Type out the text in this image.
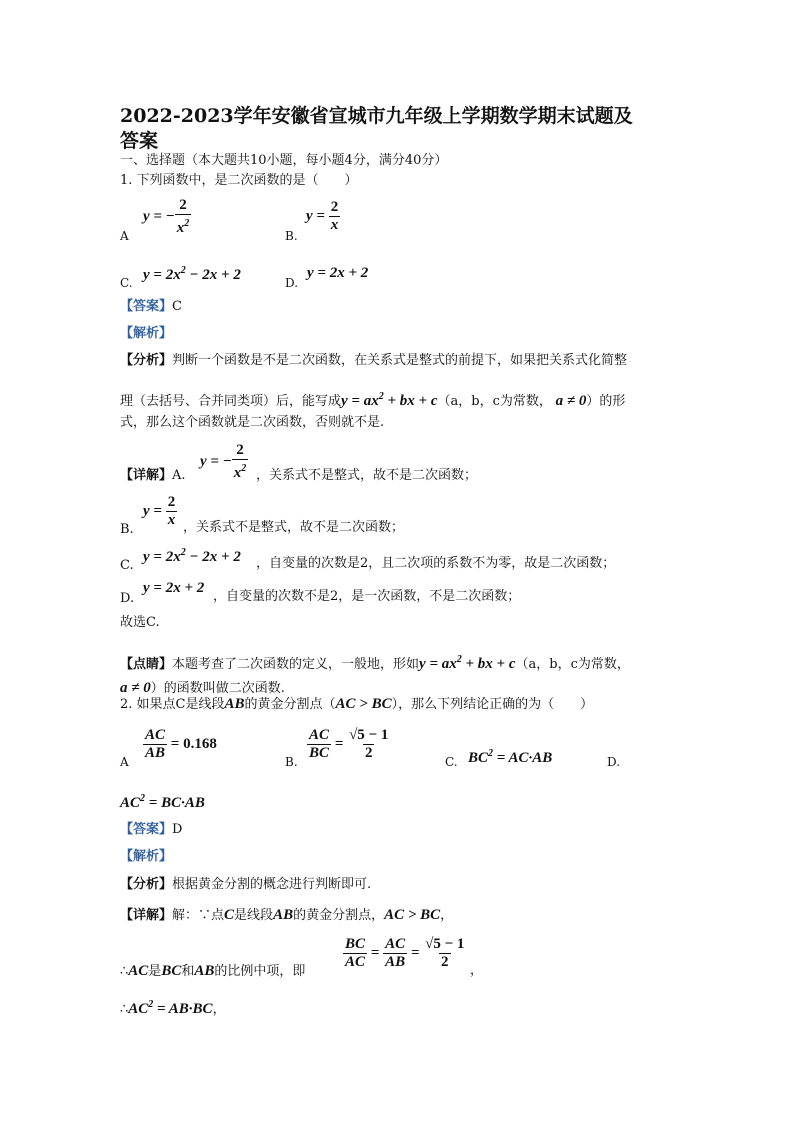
2022-2023学年安徽省宣城市九年级上学期数学期末试题及
答案
一、选择题（本大题共10小题，每小题4分，满分40分）
1. 下列函数中，是二次函数的是（　　）
A
y = − $\frac{2}{x^2}$	B.
$y = \frac{2}{x}$
C. $y = 2x^2 - 2x + 2$	D.
y = 2x + 2
【答案】C
【解析】
【分析】判断一个函数是不是二次函数，在关系式是整式的前提下，如果把关系式化简整
理（去括号、合并同类项）后，能写成$y = ax^2$ + bx + c（a，b，c为常数， a ≠ 0）的形
式，那么这个函数就是二次函数，否则就不是.
【详解】A.
y = − $\frac{2}{x^2}$ ，关系式不是整式，故不是二次函数；
B.
$y = \frac{2}{x}$ ，关系式不是整式，故不是二次函数；
C.
$y = 2x^2 - 2x + 2$ ，自变量的次数是2，且二次项的系数不为零，故是二次函数；
D.
y = 2x + 2
，自变量的次数不是2，是一次函数，不是二次函数；
故选C.
【点睛】本题考查了二次函数的定义，一般地，形如$y = ax^2$ + bx + c（a，b，c为常数，
a ≠ 0）的函数叫做二次函数.
2. 如果点C是线段AB的黄金分割点（AC > BC），那么下列结论正确的为（　　）
A $\frac{AC}{AB} = 0.168$
B. $\frac{AC}{BC} = \frac{√5 - 1}{2}$	C. $BC^2 = AC\cdot AB$	D.
$AC^2 = BC\cdot AB$
【答案】D
【解析】
【分析】根据黄金分割的概念进行判断即可.
【详解】解：∵点C是线段AB的黄金分割点，AC > BC，
∴AC是BC和AB的比例中项，即
$\frac{BC}{AC} = \frac{AC}{AB} = \frac{√5 - 1}{2}$ ，
$\therefore AC^2 = AB\cdot BC$，
